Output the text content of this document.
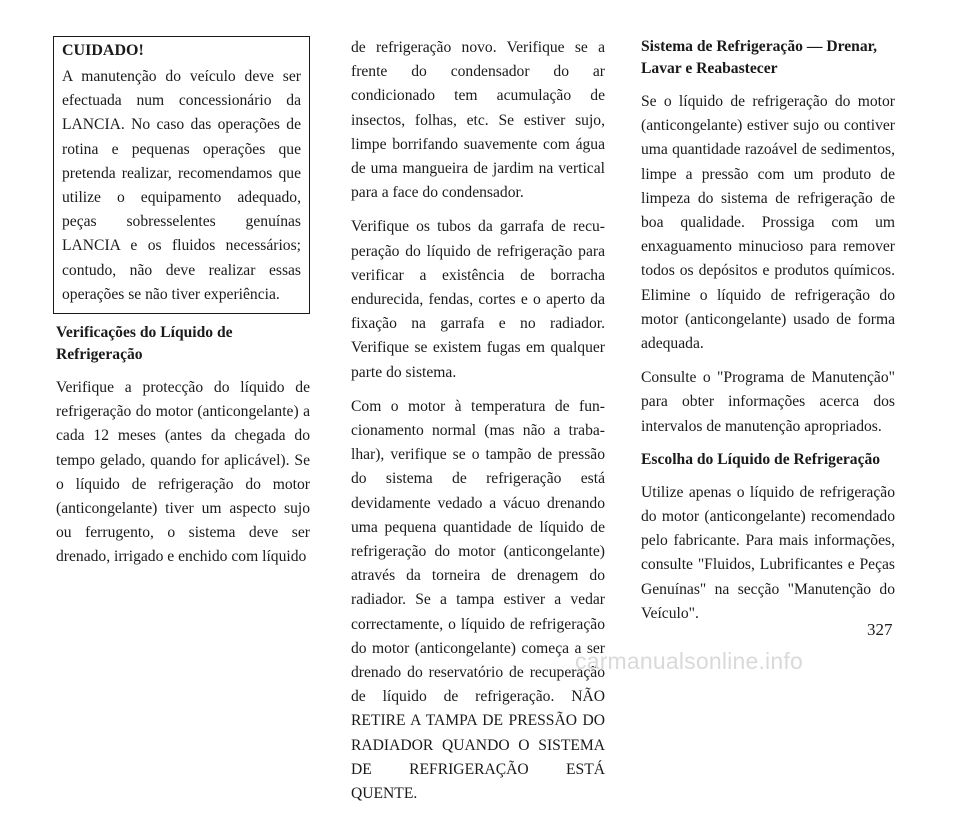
CUIDADO!

A manutenção do veículo deve ser efectuada num concessionário da LANCIA. No caso das operações de rotina e pequenas operações que pretenda realizar, recomendamos que utilize o equipamento adequado, peças sobresselentes genuínas LANCIA e os fluidos necessários; contudo, não deve realizar essas operações se não tiver experiência.

Verificações do Líquido de Refrigeração

Verifique a protecção do líquido de refrigeração do motor (anticongelante) a cada 12 meses (antes da chegada do tempo gelado, quando for aplicável). Se o líquido de refrigeração do motor (anticongelante) tiver um aspecto sujo ou ferrugento, o sistema deve ser drenado, irrigado e enchido com líquido

de refrigeração novo. Verifique se a frente do condensador do ar condicionado tem acumulação de insectos, folhas, etc. Se estiver sujo, limpe borrifando suavemente com água de uma mangueira de jardim na vertical para a face do condensador.

Verifique os tubos da garrafa de recuperação do líquido de refrigeração para verificar a existência de borracha endurecida, fendas, cortes e o aperto da fixação na garrafa e no radiador. Verifique se existem fugas em qualquer parte do sistema.

Com o motor à temperatura de funcionamento normal (mas não a trabalhar), verifique se o tampão de pressão do sistema de refrigeração está devidamente vedado a vácuo drenando uma pequena quantidade de líquido de refrigeração do motor (anticongelante) através da torneira de drenagem do radiador. Se a tampa estiver a vedar correctamente, o líquido de refrigeração do motor (anticongelante) começa a ser drenado do reservatório de recuperação de líquido de refrigeração. NÃO RETIRE A TAMPA DE PRESSÃO DO RADIADOR QUANDO O SISTEMA DE REFRIGERAÇÃO ESTÁ QUENTE.

Sistema de Refrigeração — Drenar, Lavar e Reabastecer

Se o líquido de refrigeração do motor (anticongelante) estiver sujo ou contiver uma quantidade razoável de sedimentos, limpe a pressão com um produto de limpeza do sistema de refrigeração de boa qualidade. Prossiga com um enxaguamento minucioso para remover todos os depósitos e produtos químicos. Elimine o líquido de refrigeração do motor (anticongelante) usado de forma adequada.

Consulte o "Programa de Manutenção" para obter informações acerca dos intervalos de manutenção apropriados.

Escolha do Líquido de Refrigeração

Utilize apenas o líquido de refrigeração do motor (anticongelante) recomendado pelo fabricante. Para mais informações, consulte "Fluidos, Lubrificantes e Peças Genuínas" na secção "Manutenção do Veículo".

327
carmanualsonline.info
